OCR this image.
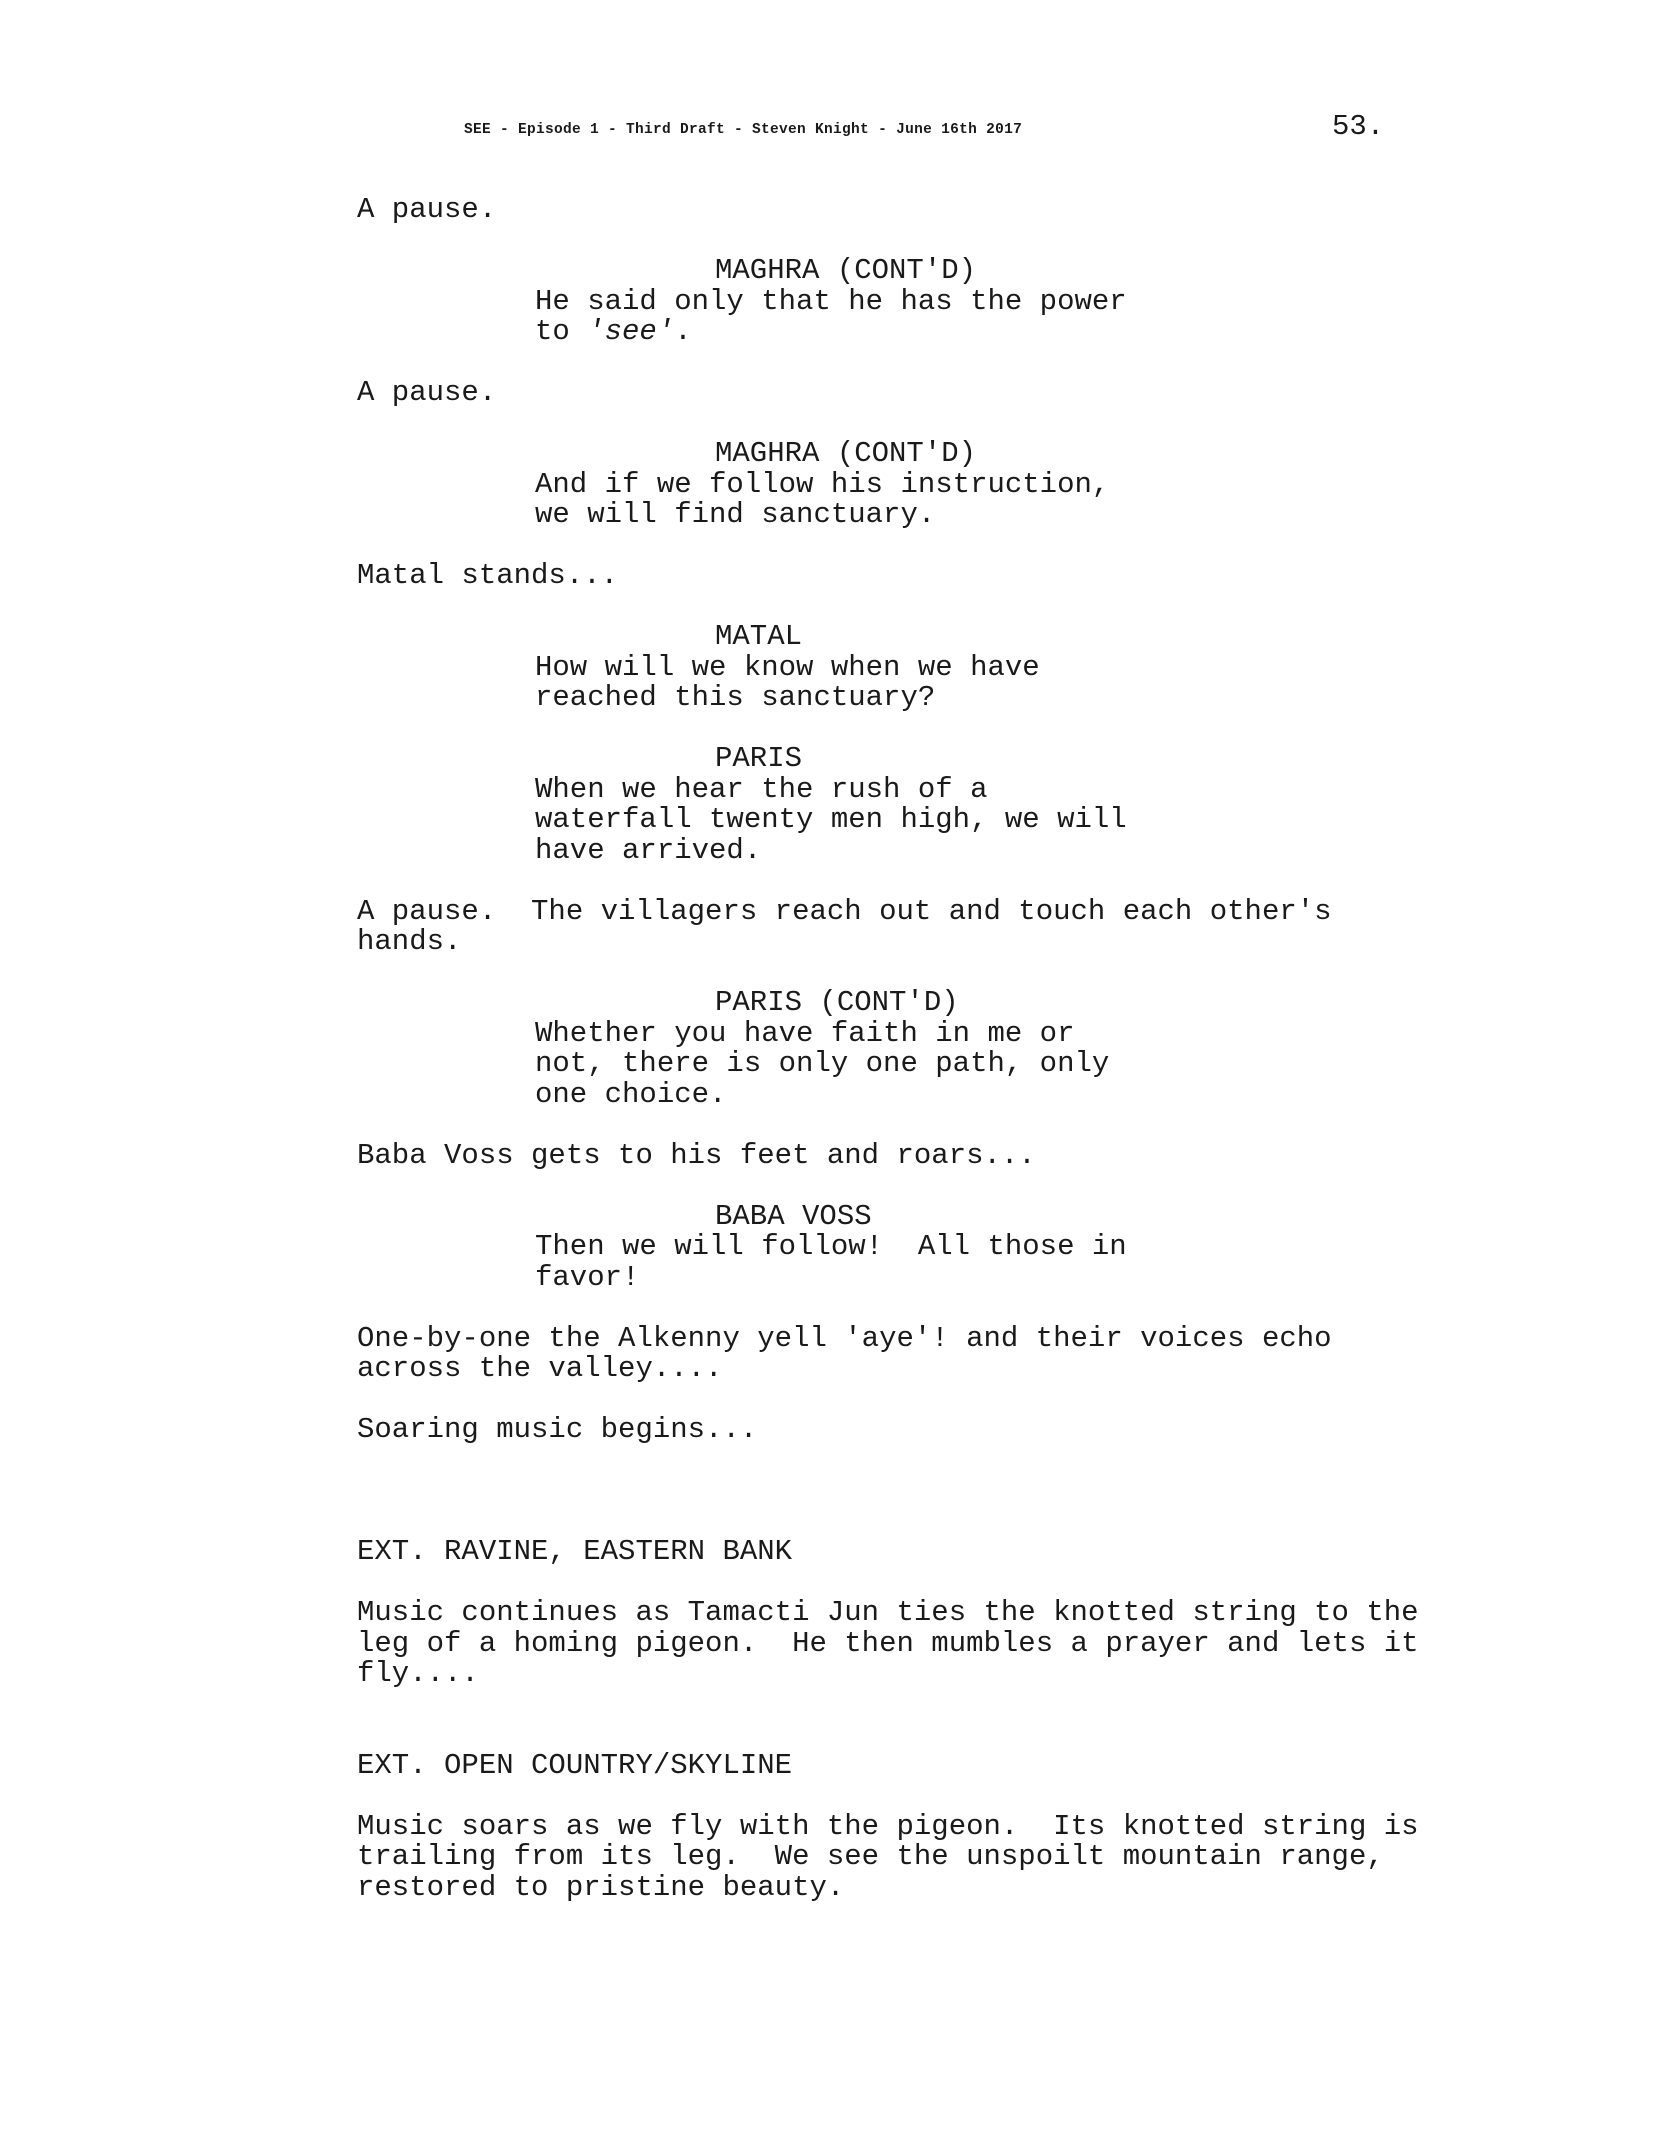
SEE - Episode 1 - Third Draft - Steven Knight - June 16th 2017	53.

A pause.

MAGHRA (CONT'D)

He said only that he has the power

to 'see'.

A pause.

MAGHRA (CONT'D)

And if we follow his instruction,

we will find sanctuary.

Matal stands...

MATAL

How will we know when we have

reached this sanctuary?

PARIS

When we hear the rush of a

waterfall twenty men high, we will

have arrived.

A pause.  The villagers reach out and touch each other's

hands.

PARIS (CONT'D)

Whether you have faith in me or

not, there is only one path, only

one choice.

Baba Voss gets to his feet and roars...

BABA VOSS

Then we will follow!  All those in

favor!

One-by-one the Alkenny yell 'aye'! and their voices echo

across the valley....

Soaring music begins...

EXT. RAVINE, EASTERN BANK

Music continues as Tamacti Jun ties the knotted string to the

leg of a homing pigeon.  He then mumbles a prayer and lets it

fly....

EXT. OPEN COUNTRY/SKYLINE

Music soars as we fly with the pigeon.  Its knotted string is

trailing from its leg.  We see the unspoilt mountain range,

restored to pristine beauty.
